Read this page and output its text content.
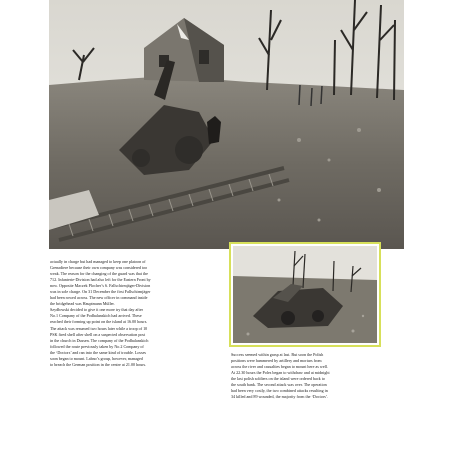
actually in charge but had managed to keep one platoon of
Grenadiere because their own company was considered too
weak. The reason for the changing of the guard was that the
712. Infanterie-Division had also left for the Eastern Front by
now. Opposite Maczek Plocher’s 6. Fallschirmjäger-Division
was in sole charge. On 31 December the first Fallschirmjäger
had been rowed across. The new officer in command inside
the bridgehead was Hauptmann Müller.
Szydłowski decided to give it one more try that day after
No.1 Company of the Podhalanskich had arrived. These
reached their forming up point on the island at 16.00 hours.
The attack was resumed two hours later while a troop of 10
PSK fired shell after shell on a suspected observation post
in the church in Dussen. The company of the Podhalanskich
followed the route previously taken by No.2 Company of
the ‘Doctors’ and ran into the same kind of trouble. Losses
soon began to mount. Labno’s group, however, managed
to breach the German position in the centre at 21.00 hours.
Success seemed within grasp at last. But soon the Polish
positions were hammered by artillery and mortars from
across the river and casualties began to mount here as well.
At 22.30 hours the Poles began to withdraw and at midnight
the last polish soldiers on the island were ordered back to
the south bank. The second attack was over. The operation
had been very costly, the two combined attacks resulting in
34 killed and 89 wounded, the majority from the ‘Doctors’.
